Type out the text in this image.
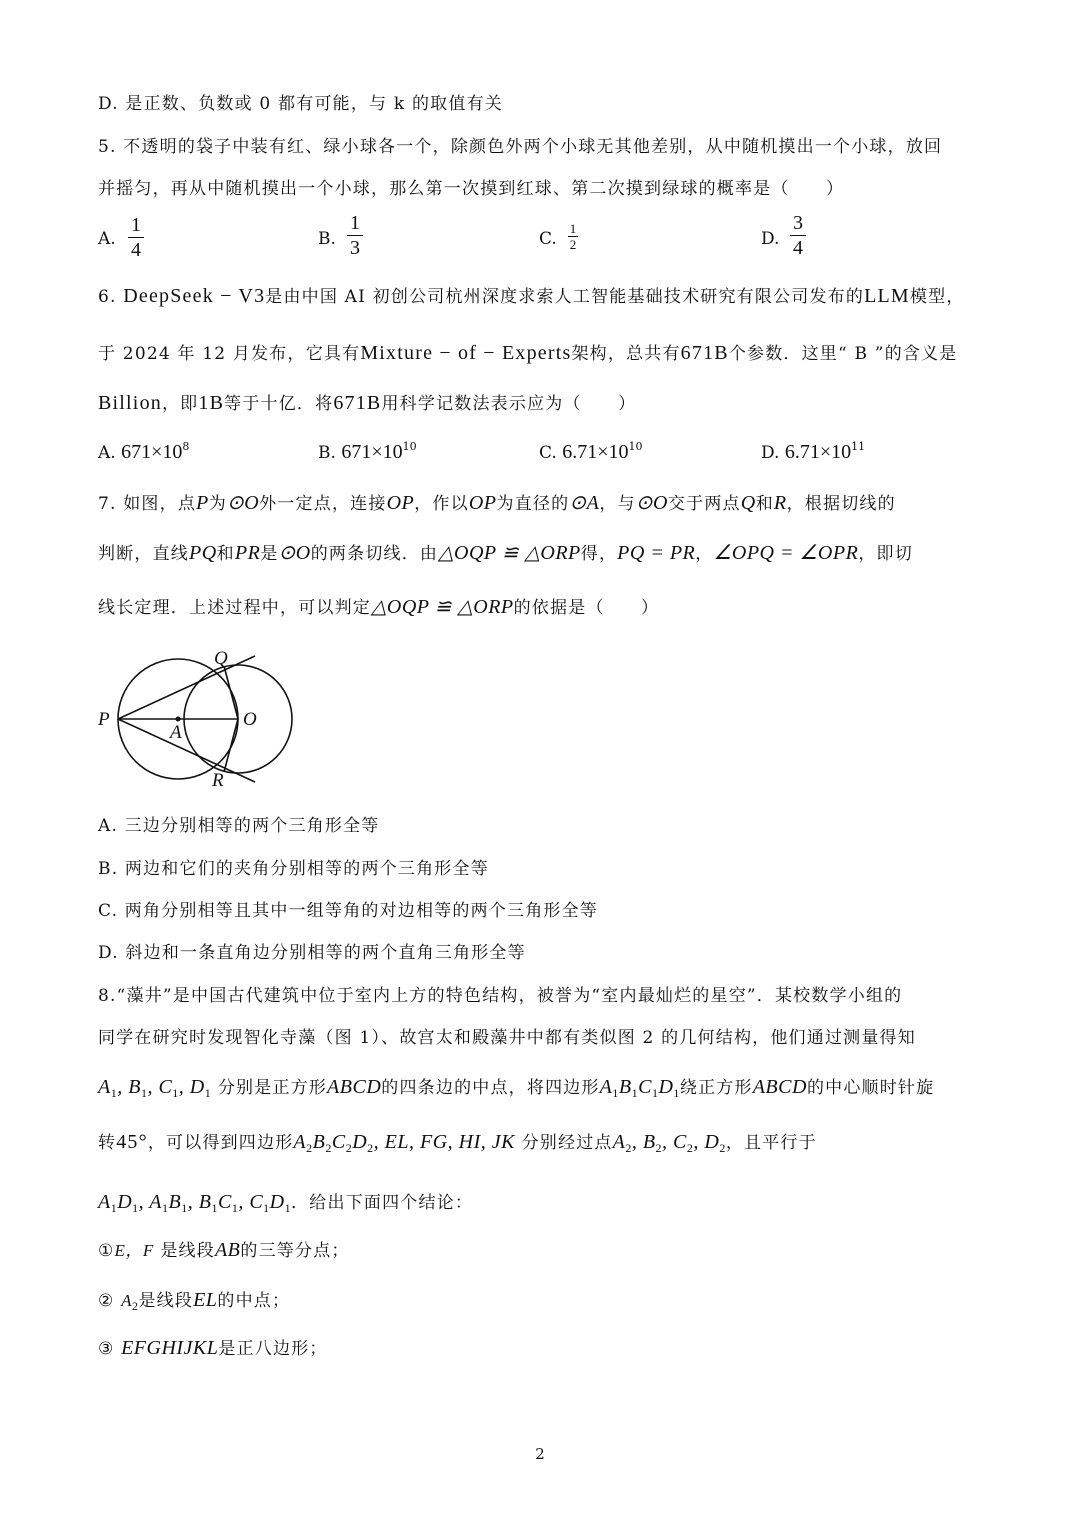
D. 是正数、负数或 0 都有可能，与 k 的取值有关
5. 不透明的袋子中装有红、绿小球各一个，除颜色外两个小球无其他差别，从中随机摸出一个小球，放回
并摇匀，再从中随机摸出一个小球，那么第一次摸到红球、第二次摸到绿球的概率是（　　）
A.
1
4
B.
1
3	C.
1
2	D.
3
4
6. DeepSeek − V3是由中国 AI 初创公司杭州深度求索人工智能基础技术研究有限公司发布的LLM模型，
于 2024 年 12 月发布，它具有Mixture − of − Experts架构，总共有671B个参数．这里“ B ”的含义是
Billion，即1B等于十亿．将671B用科学记数法表示应为（　　）
A. $671\times 10^8$	B. $671\times 10^{10}$	C. $6.71\times 10^{10}$	D. $6.71\times 10^{11}$
7. 如图，点P为⊙O外一定点，连接OP，作以OP为直径的⊙A，与⊙O交于两点Q和R，根据切线的
判断，直线PQ和PR是⊙O的两条切线．由△OQP ≌ △ORP得，PQ = PR，∠OPQ = ∠OPR，即切
线长定理．上述过程中，可以判定△OQP ≌ △ORP的依据是（　　）
P
Q
O
A
R
A. 三边分别相等的两个三角形全等
B. 两边和它们的夹角分别相等的两个三角形全等
C. 两角分别相等且其中一组等角的对边相等的两个三角形全等
D. 斜边和一条直角边分别相等的两个直角三角形全等
8.“藻井”是中国古代建筑中位于室内上方的特色结构，被誉为“室内最灿烂的星空”．某校数学小组的
同学在研究时发现智化寺藻（图 1）、故宫太和殿藻井中都有类似图 2 的几何结构，他们通过测量得知
$A_1$, $B_1$, $C_1$, $D_1$ 分别是正方形ABCD的四条边的中点，将四边形$A_1B_1C_1D_1$绕正方形ABCD的中心顺时针旋
转45°，可以得到四边形$A_2B_2C_2D_2$, EL, FG, HI, JK 分别经过点$A_2$, $B_2$, $C_2$, $D_2$，且平行于
$A_1D_1$, $A_1B_1$, $B_1C_1$, $C_1D_1$．给出下面四个结论：
①E，F 是线段AB的三等分点；
② $A_2$是线段EL的中点；
③ EFGHIJKL是正八边形；
2
